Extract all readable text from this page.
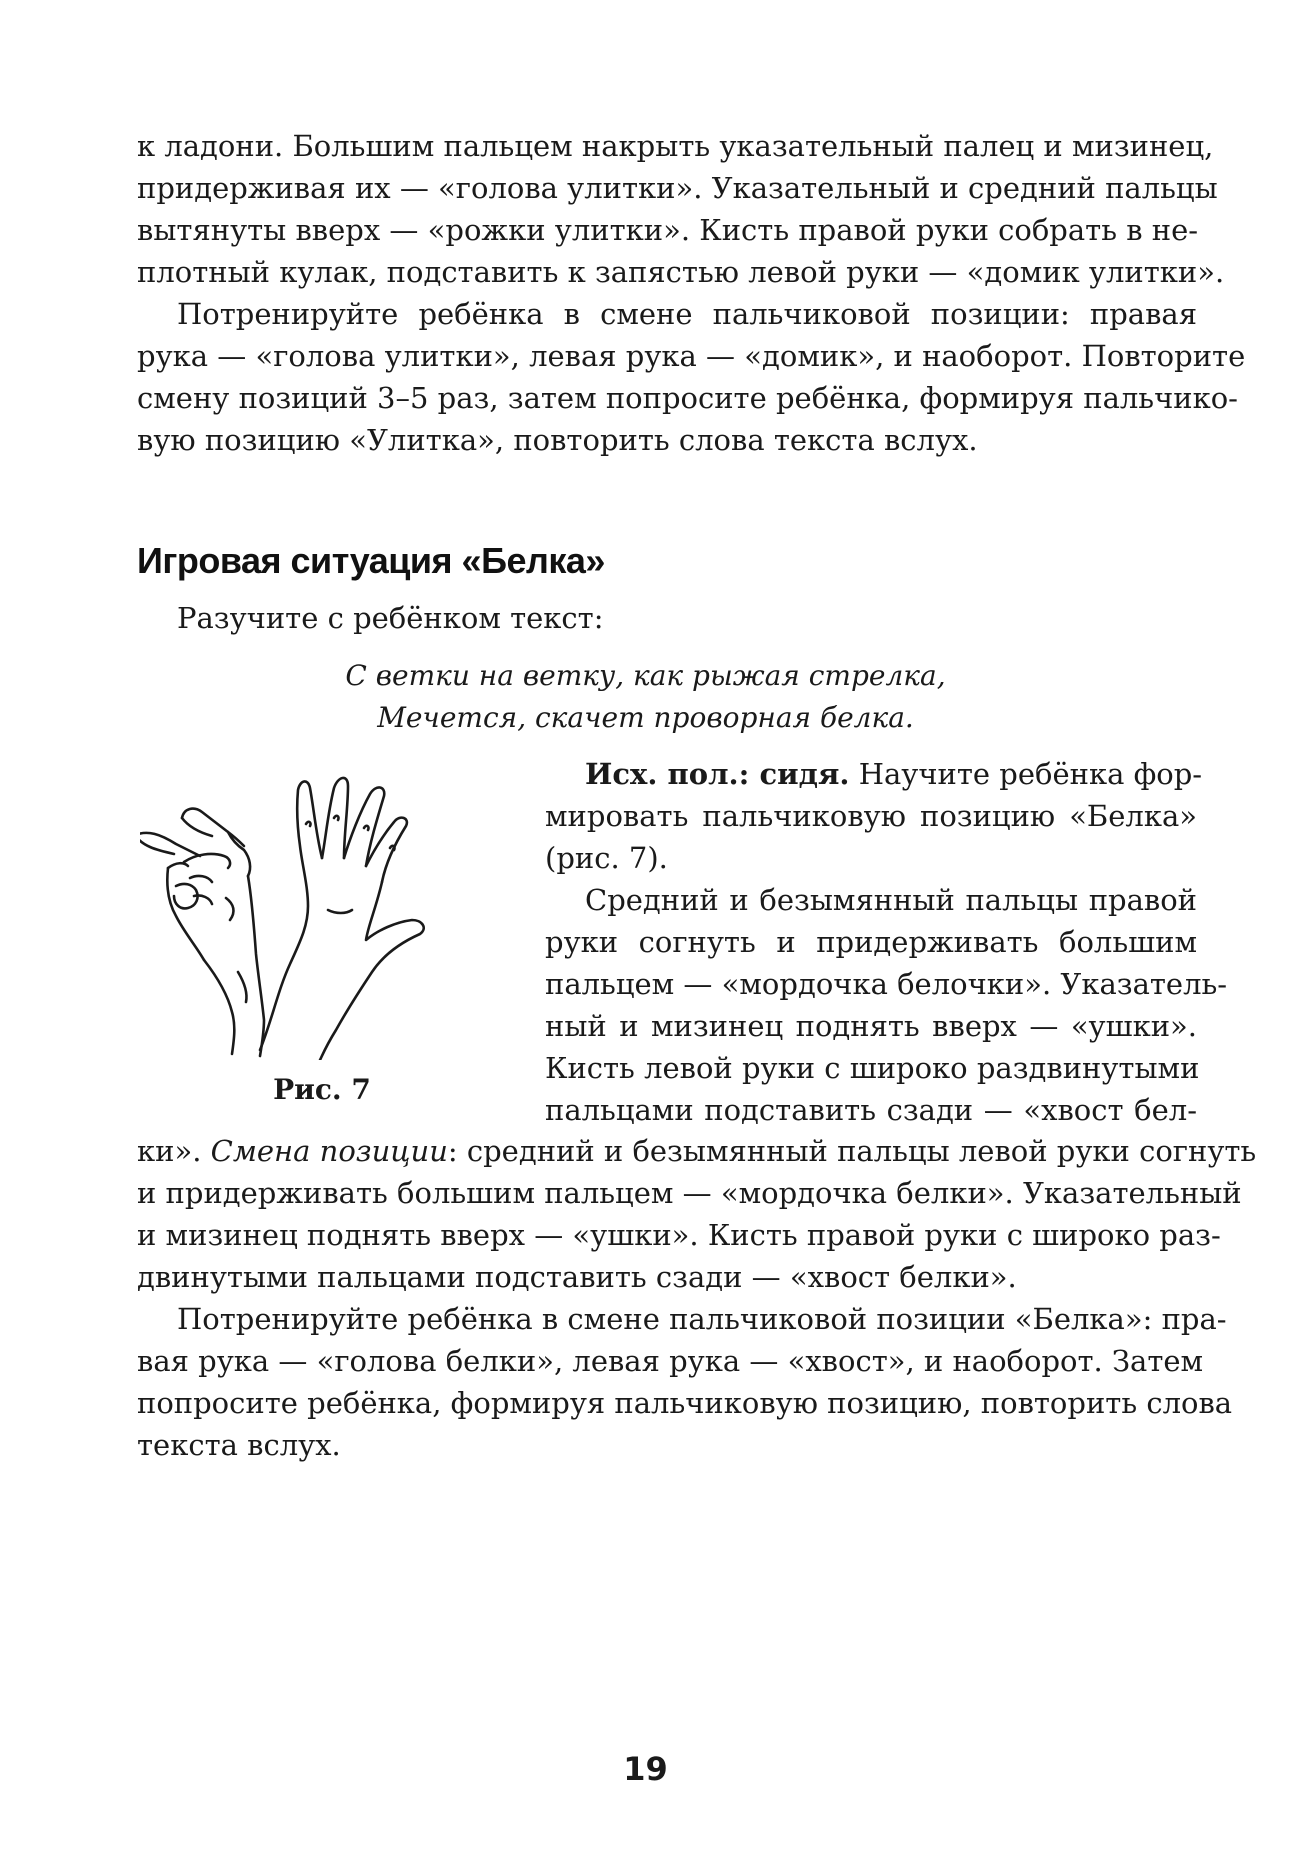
к ладони. Большим пальцем накрыть указательный палец и мизинец,

придерживая их — «голова улитки». Указательный и средний пальцы

вытянуты вверх — «рожки улитки». Кисть правой руки собрать в не-

плотный кулак, подставить к запястью левой руки — «домик улитки».

Потренируйте ребёнка в смене пальчиковой позиции: правая

рука — «голова улитки», левая рука — «домик», и наоборот. Повторите

смену позиций 3–5 раз, затем попросите ребёнка, формируя пальчико-

вую позицию «Улитка», повторить слова текста вслух.

Игровая ситуация «Белка»

Разучите с ребёнком текст:

С ветки на ветку, как рыжая стрелка,
Мечется, скачет проворная белка.
Рис. 7

Исх. пол.: сидя. Научите ребёнка фор-

мировать пальчиковую позицию «Белка»

(рис. 7).

Средний и безымянный пальцы правой

руки согнуть и придерживать большим

пальцем — «мордочка белочки». Указатель-

ный и мизинец поднять вверх — «ушки».

Кисть левой руки с широко раздвинутыми

пальцами подставить сзади — «хвост бел-

ки». Смена позиции: средний и безымянный пальцы левой руки согнуть

и придерживать большим пальцем — «мордочка белки». Указательный

и мизинец поднять вверх — «ушки». Кисть правой руки с широко раз-

двинутыми пальцами подставить сзади — «хвост белки».

Потренируйте ребёнка в смене пальчиковой позиции «Белка»: пра-

вая рука — «голова белки», левая рука — «хвост», и наоборот. Затем

попросите ребёнка, формируя пальчиковую позицию, повторить слова

текста вслух.

19
